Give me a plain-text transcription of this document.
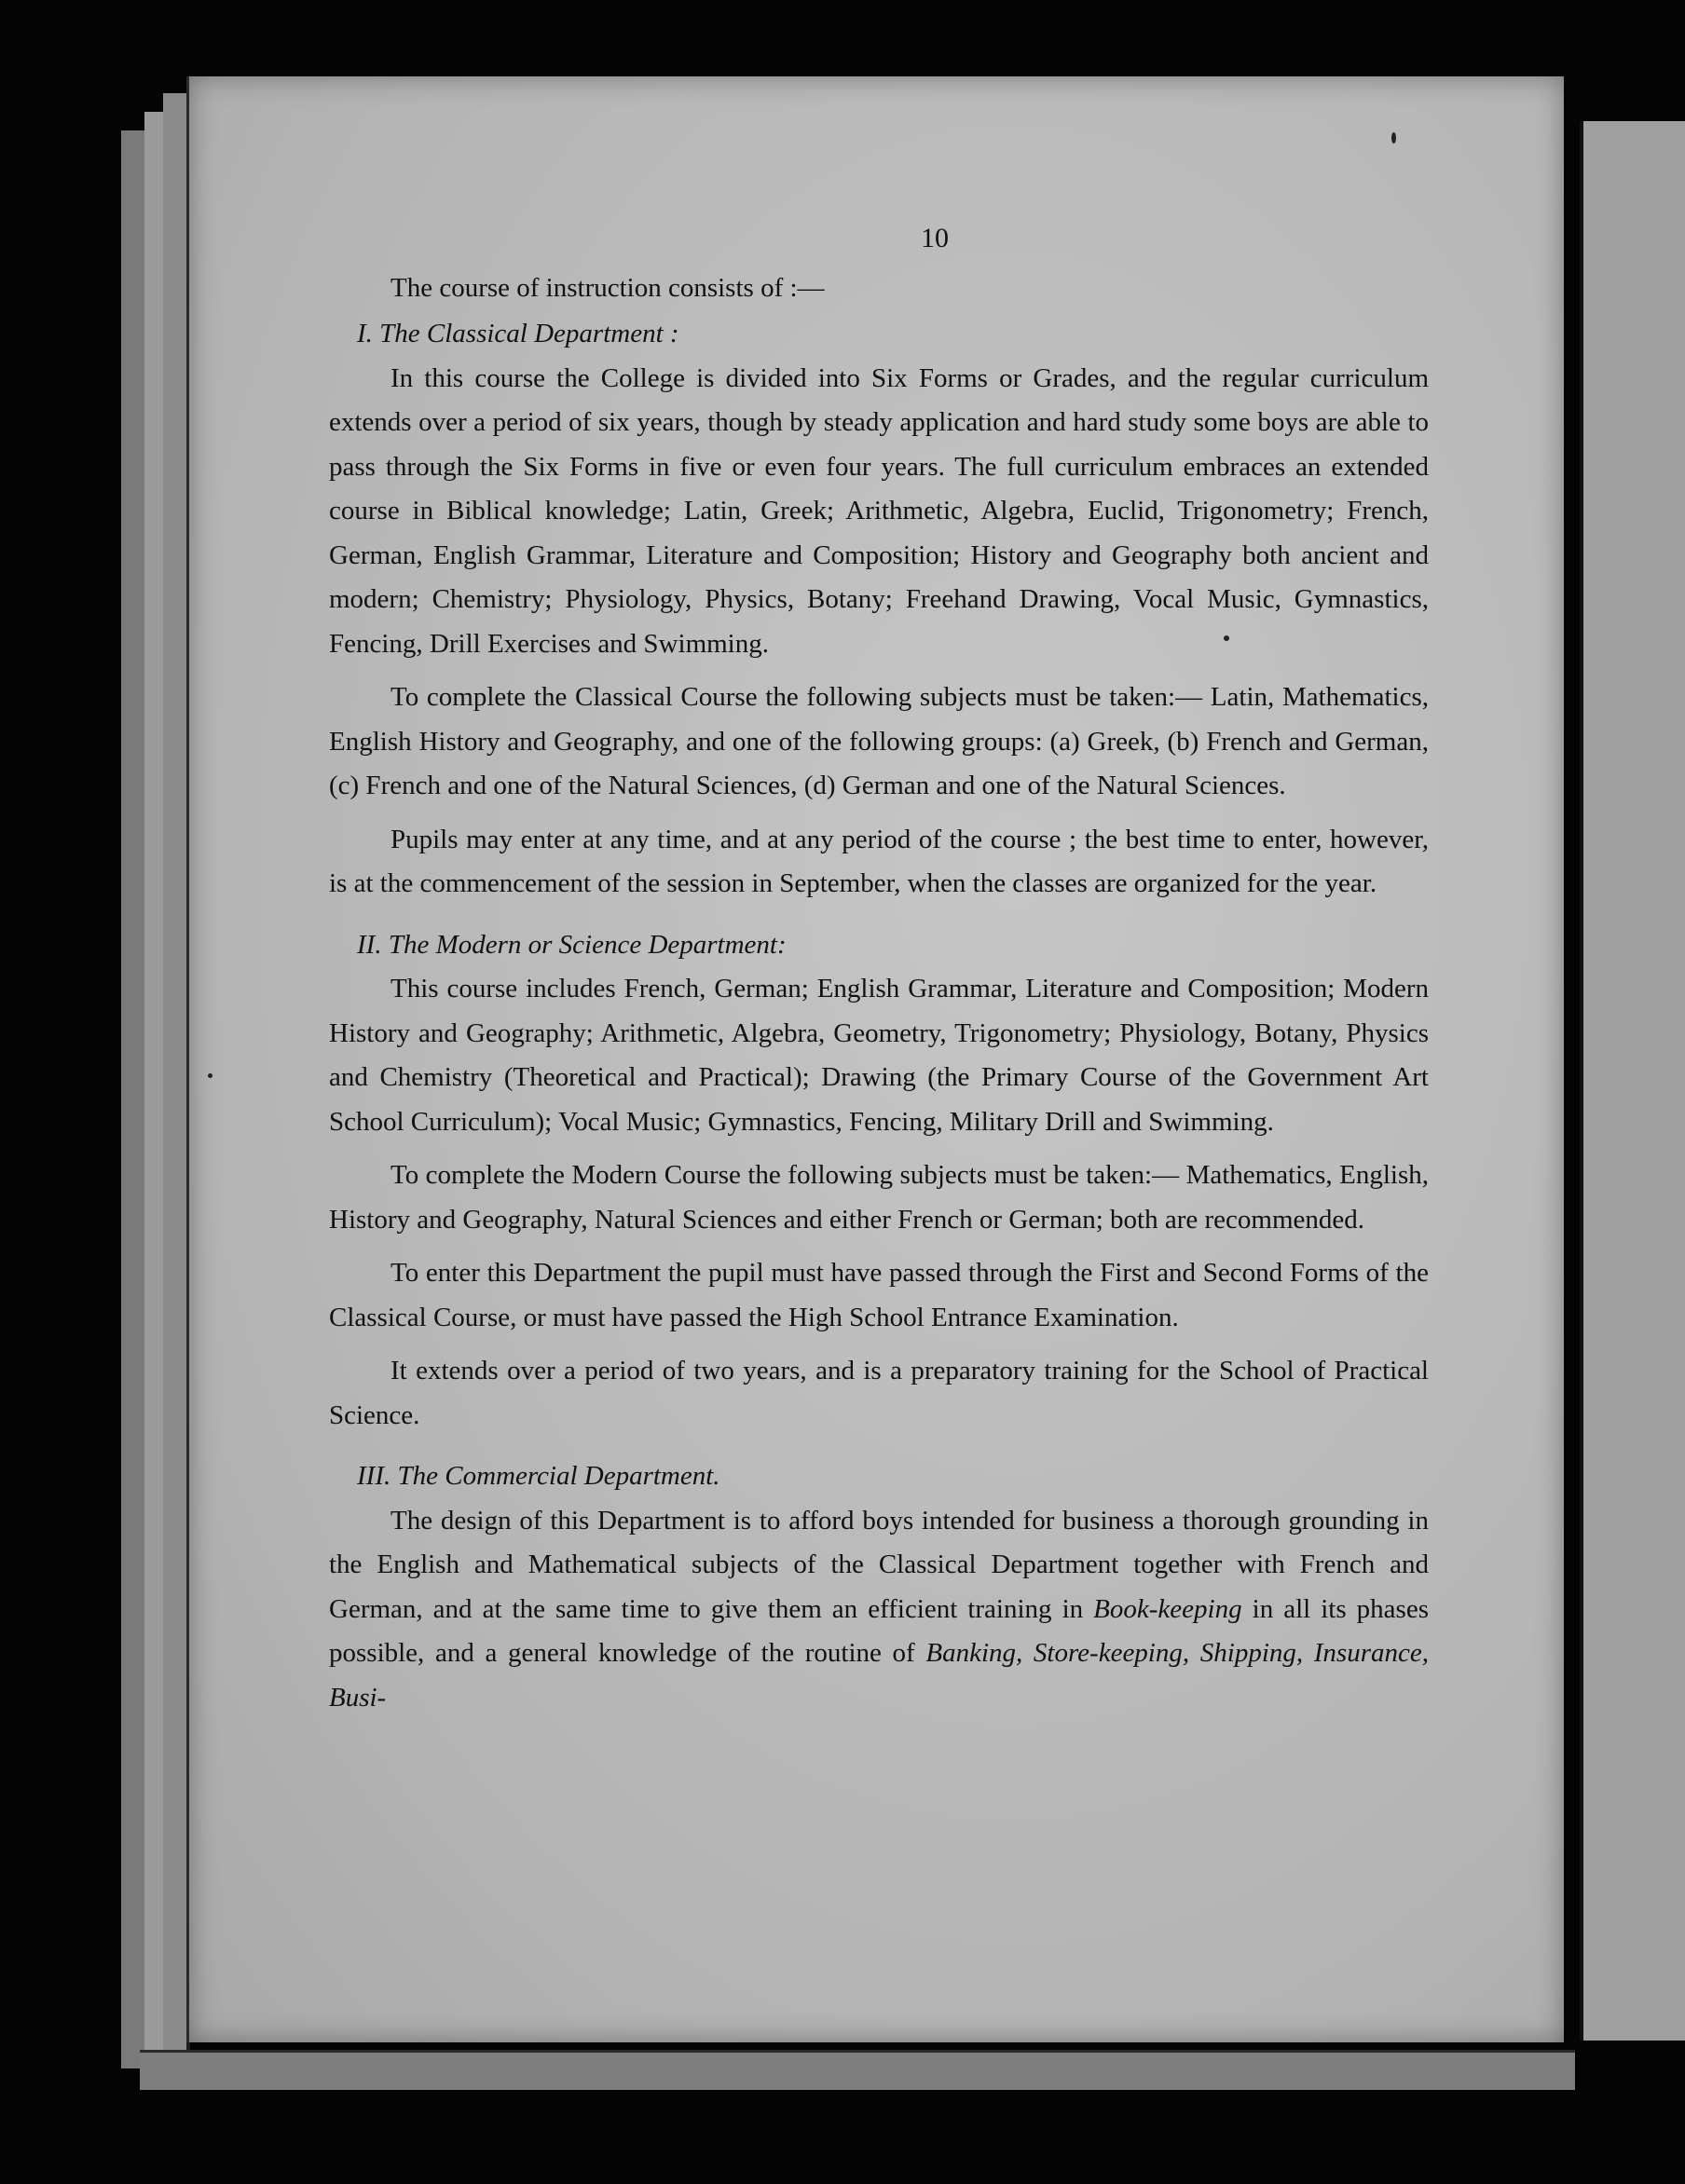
10

The course of instruction consists of :—

I. The Classical Department :

In this course the College is divided into Six Forms or Grades, and the regular curriculum extends over a period of six years, though by steady application and hard study some boys are able to pass through the Six Forms in five or even four years. The full curriculum embraces an extended course in Biblical knowledge; Latin, Greek; Arithmetic, Algebra, Euclid, Trigonometry; French, German, English Grammar, Literature and Composition; History and Geography both ancient and modern; Chemistry; Physiology, Physics, Botany; Freehand Drawing, Vocal Music, Gymnastics, Fencing, Drill Exercises and Swimming.

To complete the Classical Course the following subjects must be taken:— Latin, Mathematics, English History and Geography, and one of the following groups: (a) Greek, (b) French and German, (c) French and one of the Natural Sciences, (d) German and one of the Natural Sciences.

Pupils may enter at any time, and at any period of the course ; the best time to enter, however, is at the commencement of the session in September, when the classes are organized for the year.

II. The Modern or Science Department:

This course includes French, German; English Grammar, Literature and Composition; Modern History and Geography; Arithmetic, Algebra, Geometry, Trigonometry; Physiology, Botany, Physics and Chemistry (Theoretical and Practical); Drawing (the Primary Course of the Government Art School Curriculum); Vocal Music; Gymnastics, Fencing, Military Drill and Swimming.

To complete the Modern Course the following subjects must be taken:— Mathematics, English, History and Geography, Natural Sciences and either French or German; both are recommended.

To enter this Department the pupil must have passed through the First and Second Forms of the Classical Course, or must have passed the High School Entrance Examination.

It extends over a period of two years, and is a preparatory training for the School of Practical Science.

III. The Commercial Department.

The design of this Department is to afford boys intended for business a thorough grounding in the English and Mathematical subjects of the Classical Department together with French and German, and at the same time to give them an efficient training in Book-keeping in all its phases possible, and a general knowledge of the routine of Banking, Store-keeping, Shipping, Insurance, Busi-
